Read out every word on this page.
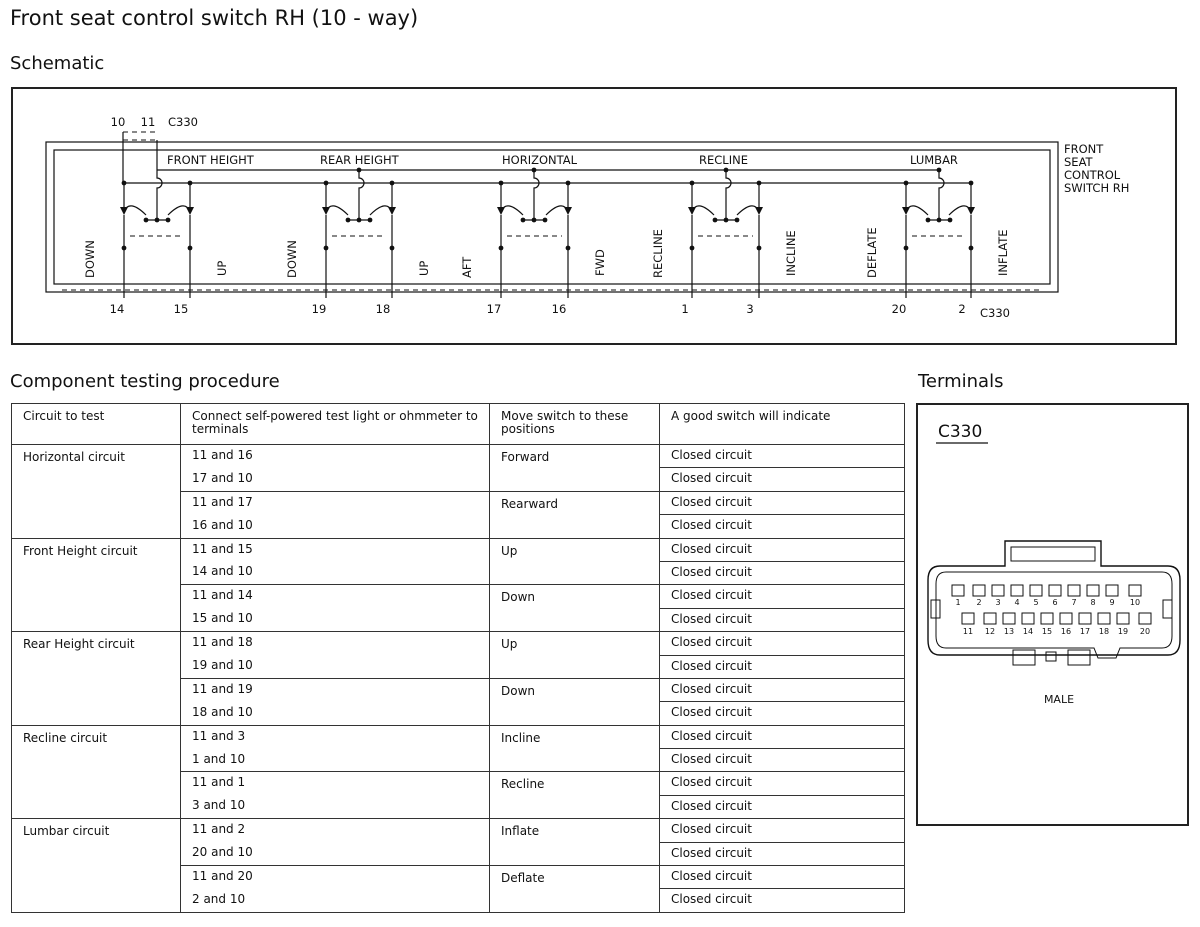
Front seat control switch RH (10 - way)
Schematic
10 11 C330
FRONT HEIGHT
14	15
DOWN	UP
REAR HEIGHT
19	18
DOWN	UP
HORIZONTAL
17	16
AFT	FWD
RECLINE
1	3
RECLINE	INCLINE
LUMBAR
20	2
DEFLATE	INFLATE
C330
FRONT
SEAT
CONTROL
SWITCH RH
Component testing procedure	Terminals
Circuit to test	Connect self-powered test light or ohmmeter to terminals	Move switch to these positions	A good switch will indicate
Horizontal circuit	11 and 16	Forward	Closed circuit
	17 and 10		Closed circuit
	11 and 17	Rearward	Closed circuit
	16 and 10		Closed circuit
Front Height circuit	11 and 15	Up	Closed circuit
	14 and 10		Closed circuit
	11 and 14	Down	Closed circuit
	15 and 10		Closed circuit
Rear Height circuit	11 and 18	Up	Closed circuit
	19 and 10		Closed circuit
	11 and 19	Down	Closed circuit
	18 and 10		Closed circuit
Recline circuit	11 and 3	Incline	Closed circuit
	1 and 10		Closed circuit
	11 and 1	Recline	Closed circuit
	3 and 10		Closed circuit
Lumbar circuit	11 and 2	Inflate	Closed circuit
	20 and 10		Closed circuit
	11 and 20	Deflate	Closed circuit
	2 and 10		Closed circuit
C330
1 2 3 4 5 6 7 8 9 10
11 12 13 14 15 16 17 18 19 20
MALE
